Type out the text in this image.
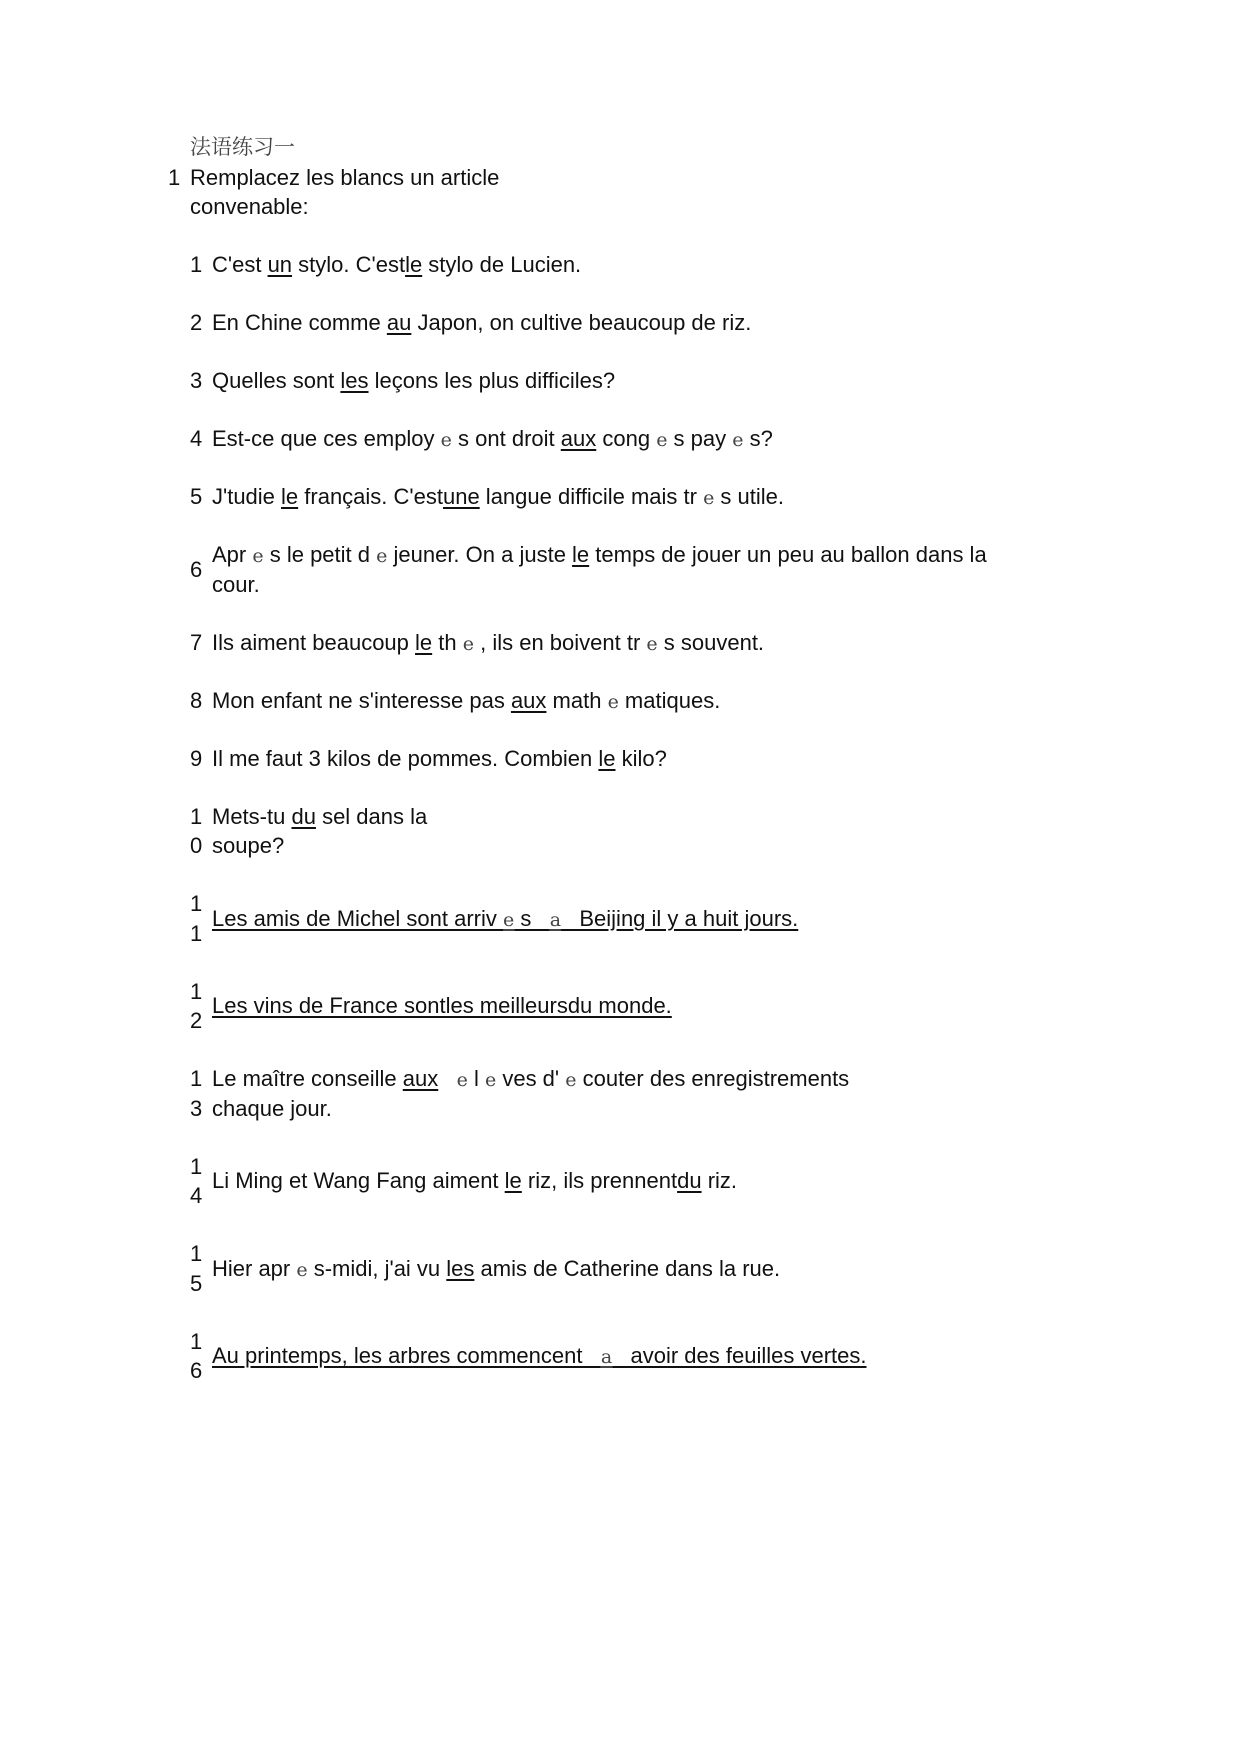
法语练习一
1 Remplacez les blancs un article
convenable:
1 C'est un stylo. C'estle stylo de Lucien.
2 En Chine comme au Japon, on cultive beaucoup de riz.
3 Quelles sont les leçons les plus difficiles?
4 Est-ce que ces employ e s ont droit aux cong e s pay e s?
5 J'tudie le français. C'estune langue difficile mais tr e s utile.
6
Apr e s le petit d e jeuner. On a juste le temps de jouer un peu au ballon dans la
cour.
7 Ils aiment beaucoup le th e , ils en boivent tr e s souvent.
8 Mon enfant ne s'interesse pas aux math e matiques.
9 Il me faut 3 kilos de pommes. Combien le kilo?
10
Mets-tu du sel dans la
soupe?
11
Les amis de Michel sont arriv e s   a   Beijing il y a huit jours.
12
Les vins de France sontles meilleursdu monde.
13
Le maître conseille aux e l e ves d' e couter des enregistrements
chaque jour.
14
Li Ming et Wang Fang aiment le riz, ils prennentdu riz.
15
Hier apr e s-midi, j'ai vu les amis de Catherine dans la rue.
16
Au printemps, les arbres commencent   a   avoir des feuilles vertes.
